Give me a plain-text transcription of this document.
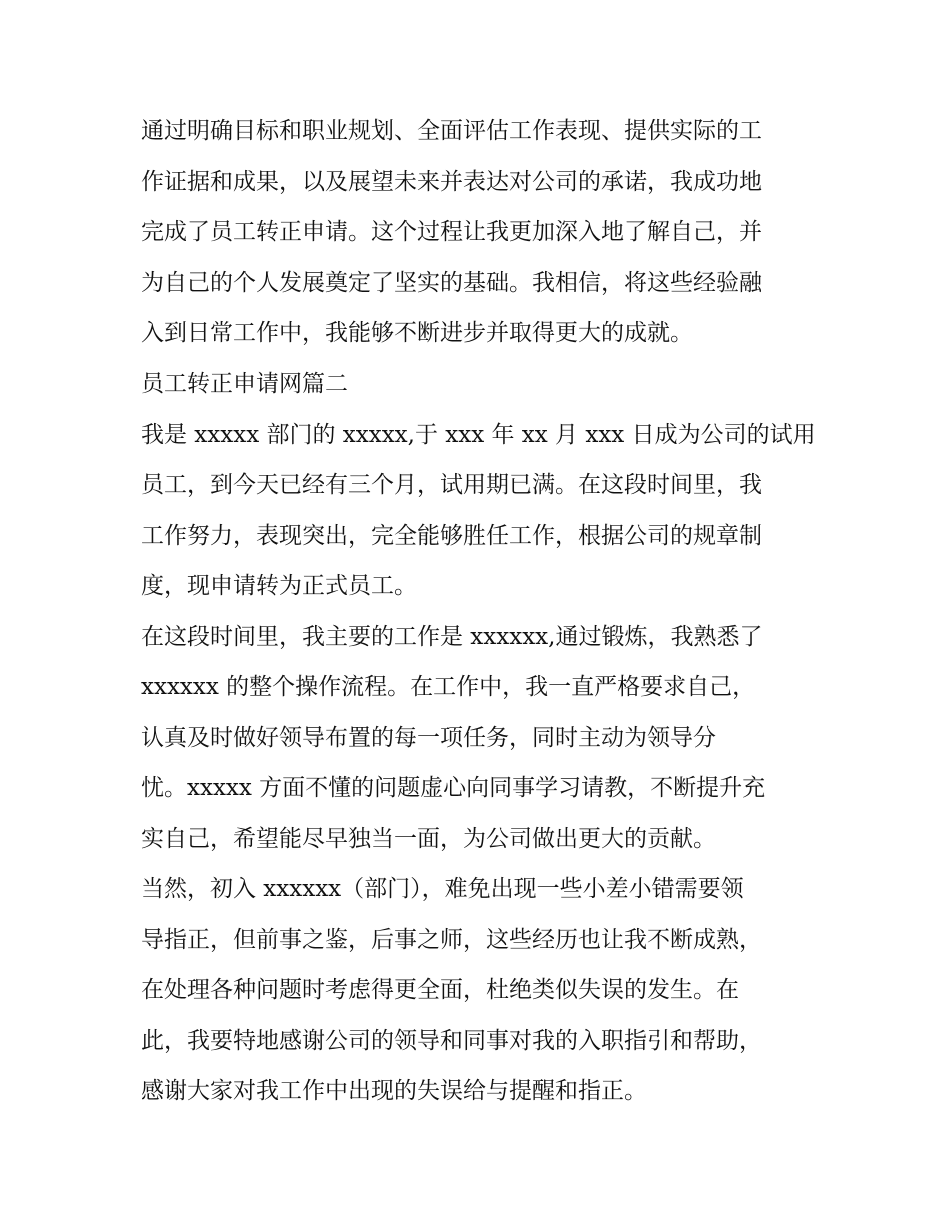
通过明确目标和职业规划、全面评估工作表现、提供实际的工
作证据和成果，以及展望未来并表达对公司的承诺，我成功地
完成了员工转正申请。这个过程让我更加深入地了解自己，并
为自己的个人发展奠定了坚实的基础。我相信，将这些经验融
入到日常工作中，我能够不断进步并取得更大的成就。
员工转正申请网篇二
我是 xxxxx 部门的 xxxxx,于 xxx 年 xx 月 xxx 日成为公司的试用
员工，到今天已经有三个月，试用期已满。在这段时间里，我
工作努力，表现突出，完全能够胜任工作，根据公司的规章制
度，现申请转为正式员工。
在这段时间里，我主要的工作是 xxxxxx,通过锻炼，我熟悉了
xxxxxx 的整个操作流程。在工作中，我一直严格要求自己，
认真及时做好领导布置的每一项任务，同时主动为领导分
忧。xxxxx 方面不懂的问题虚心向同事学习请教，不断提升充
实自己，希望能尽早独当一面，为公司做出更大的贡献。
当然，初入 xxxxxx（部门），难免出现一些小差小错需要领
导指正，但前事之鉴，后事之师，这些经历也让我不断成熟，
在处理各种问题时考虑得更全面，杜绝类似失误的发生。在
此，我要特地感谢公司的领导和同事对我的入职指引和帮助，
感谢大家对我工作中出现的失误给与提醒和指正。
